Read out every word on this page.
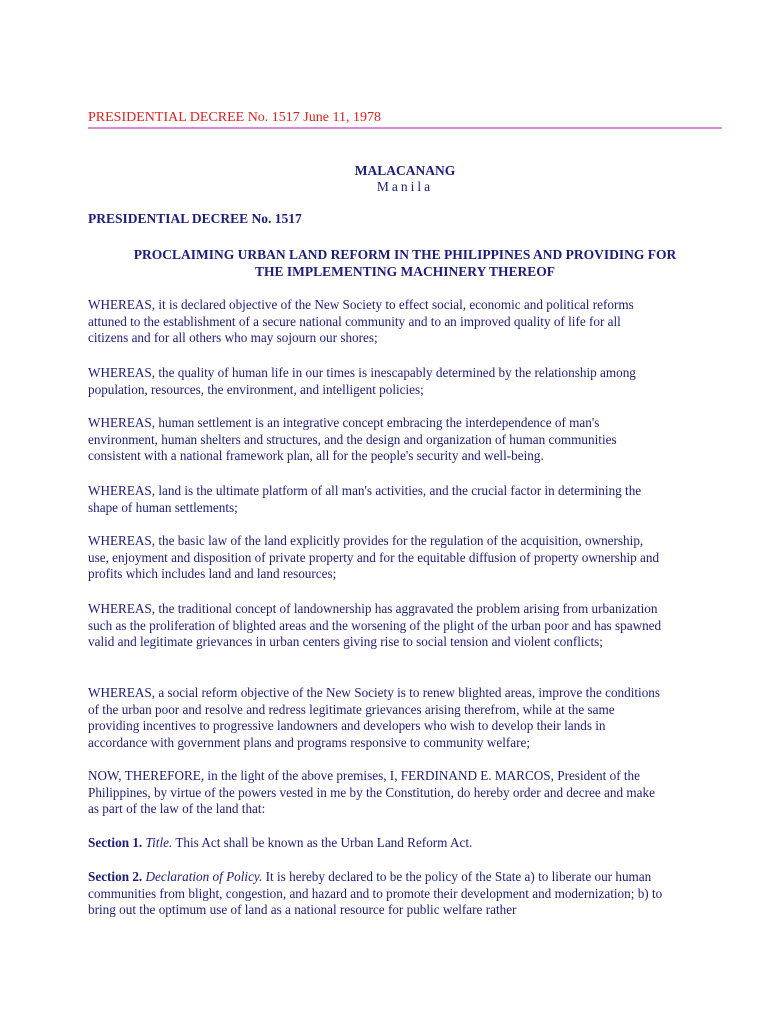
PRESIDENTIAL DECREE No. 1517 June 11, 1978
MALACANANG
Manila
PRESIDENTIAL DECREE No. 1517
PROCLAIMING URBAN LAND REFORM IN THE PHILIPPINES AND PROVIDING FOR
THE IMPLEMENTING MACHINERY THEREOF

WHEREAS, it is declared objective of the New Society to effect social, economic and political reforms attuned to the establishment of a secure national community and to an improved quality of life for all citizens and for all others who may sojourn our shores;

WHEREAS, the quality of human life in our times is inescapably determined by the relationship among population, resources, the environment, and intelligent policies;

WHEREAS, human settlement is an integrative concept embracing the interdependence of man's environment, human shelters and structures, and the design and organization of human communities consistent with a national framework plan, all for the people's security and well-being.

WHEREAS, land is the ultimate platform of all man's activities, and the crucial factor in determining the shape of human settlements;

WHEREAS, the basic law of the land explicitly provides for the regulation of the acquisition, ownership, use, enjoyment and disposition of private property and for the equitable diffusion of property ownership and profits which includes land and land resources;

WHEREAS, the traditional concept of landownership has aggravated the problem arising from urbanization such as the proliferation of blighted areas and the worsening of the plight of the urban poor and has spawned valid and legitimate grievances in urban centers giving rise to social tension and violent conflicts;

WHEREAS, a social reform objective of the New Society is to renew blighted areas, improve the conditions of the urban poor and resolve and redress legitimate grievances arising therefrom, while at the same providing incentives to progressive landowners and developers who wish to develop their lands in accordance with government plans and programs responsive to community welfare;

NOW, THEREFORE, in the light of the above premises, I, FERDINAND E. MARCOS, President of the Philippines, by virtue of the powers vested in me by the Constitution, do hereby order and decree and make as part of the law of the land that:

Section 1. Title. This Act shall be known as the Urban Land Reform Act.

Section 2. Declaration of Policy. It is hereby declared to be the policy of the State a) to liberate our human communities from blight, congestion, and hazard and to promote their development and modernization; b) to bring out the optimum use of land as a national resource for public welfare rather
